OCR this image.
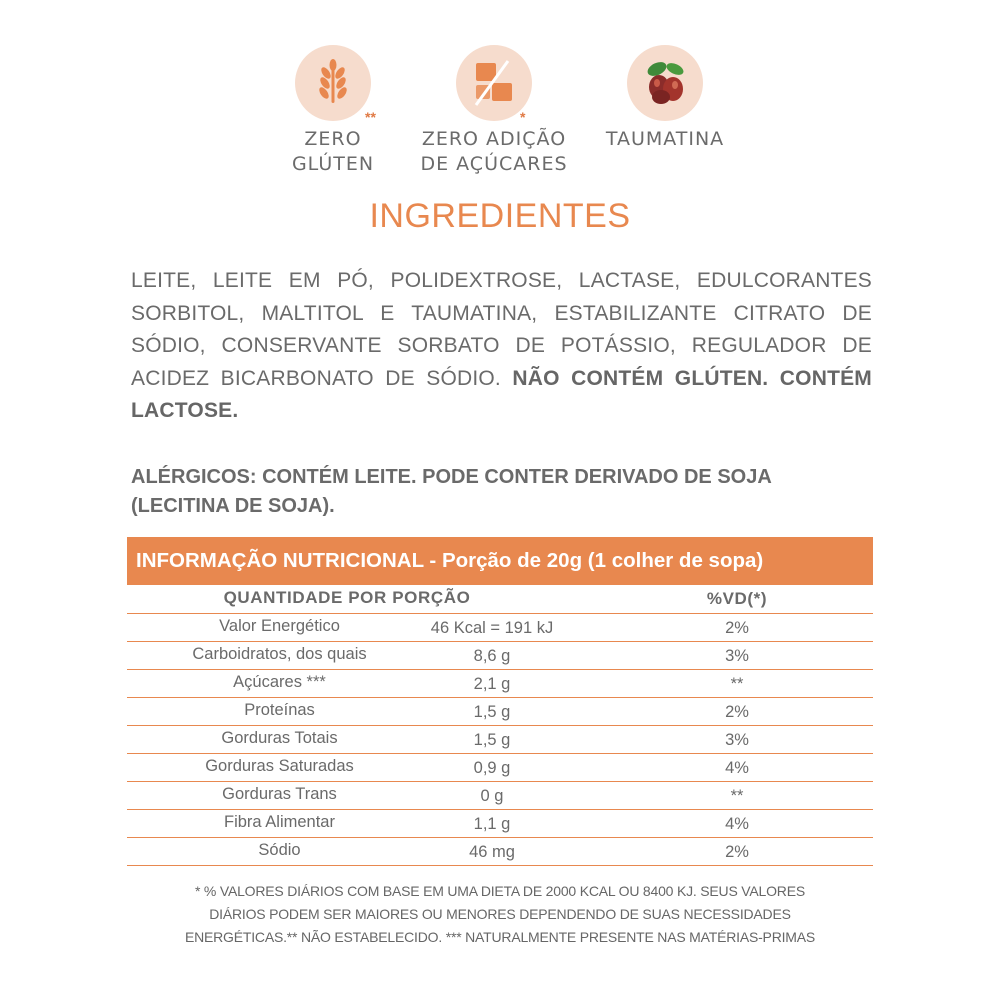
**
ZERO
GLÚTEN
*
ZERO ADIÇÃO
DE AÇÚCARES
TAUMATINA
INGREDIENTES
LEITE, LEITE EM PÓ, POLIDEXTROSE, LACTASE, EDULCORANTES SORBITOL, MALTITOL E TAUMATINA, ESTABILIZANTE CITRATO DE SÓDIO, CONSERVANTE SORBATO DE POTÁSSIO, REGULADOR DE ACIDEZ BICARBONATO DE SÓDIO. NÃO CONTÉM GLÚTEN. CONTÉM LACTOSE.
ALÉRGICOS: CONTÉM LEITE. PODE CONTER DERIVADO DE SOJA (LECITINA DE SOJA).
INFORMAÇÃO NUTRICIONAL - Porção de 20g (1 colher de sopa)
QUANTIDADE POR PORÇÃO	%VD(*)
Valor Energético	46 Kcal = 191 kJ	2%
Carboidratos, dos quais	8,6 g	3%
Açúcares ***	2,1 g	**
Proteínas	1,5 g	2%
Gorduras Totais	1,5 g	3%
Gorduras Saturadas	0,9 g	4%
Gorduras Trans	0 g	**
Fibra Alimentar	1,1 g	4%
Sódio	46 mg	2%
* % VALORES DIÁRIOS COM BASE EM UMA DIETA DE 2000 KCAL OU 8400 KJ. SEUS VALORES
DIÁRIOS PODEM SER MAIORES OU MENORES DEPENDENDO DE SUAS NECESSIDADES
ENERGÉTICAS.** NÃO ESTABELECIDO. *** NATURALMENTE PRESENTE NAS MATÉRIAS-PRIMAS
